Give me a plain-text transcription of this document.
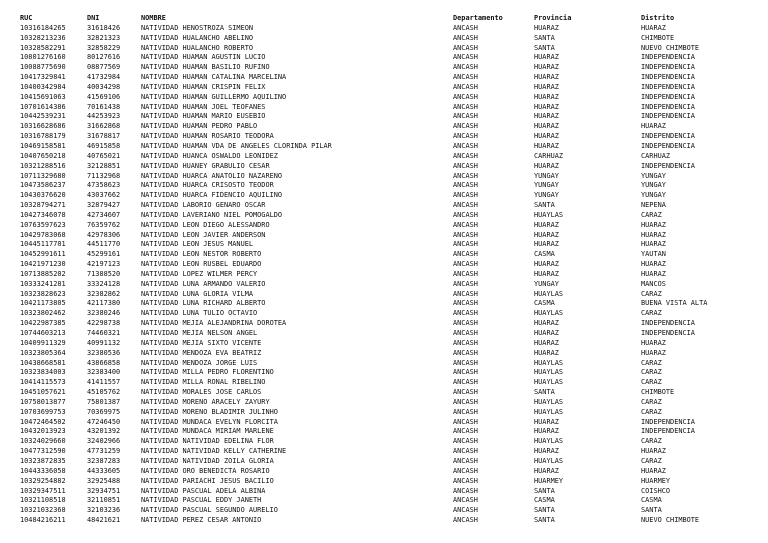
RUC	DNI	NOMBRE	Departamento	Provincia	Distrito
10316184265	31618426	NATIVIDAD HENOSTROZA SIMEON	ANCASH	HUARAZ	HUARAZ
10328213236	32821323	NATIVIDAD HUALANCHO ABELINO	ANCASH	SANTA	CHIMBOTE
10328582291	32858229	NATIVIDAD HUALANCHO ROBERTO	ANCASH	SANTA	NUEVO CHIMBOTE
10801276160	80127616	NATIVIDAD HUAMAN AGUSTIN LUCIO	ANCASH	HUARAZ	INDEPENDENCIA
10088775690	08877569	NATIVIDAD HUAMAN BASILIO RUFINO	ANCASH	HUARAZ	INDEPENDENCIA
10417329841	41732984	NATIVIDAD HUAMAN CATALINA MARCELINA	ANCASH	HUARAZ	INDEPENDENCIA
10400342984	40034298	NATIVIDAD HUAMAN CRISPIN FELIX	ANCASH	HUARAZ	INDEPENDENCIA
10415691063	41569106	NATIVIDAD HUAMAN GUILLERMO AQUILINO	ANCASH	HUARAZ	INDEPENDENCIA
10701614386	70161438	NATIVIDAD HUAMAN JOEL TEOFANES	ANCASH	HUARAZ	INDEPENDENCIA
10442539231	44253923	NATIVIDAD HUAMAN MARIO EUSEBIO	ANCASH	HUARAZ	INDEPENDENCIA
10316628686	31662868	NATIVIDAD HUAMAN PEDRO PABLO	ANCASH	HUARAZ	HUARAZ
10316788179	31678817	NATIVIDAD HUAMAN ROSARIO TEODORA	ANCASH	HUARAZ	INDEPENDENCIA
10469158581	46915858	NATIVIDAD HUAMAN VDA DE ANGELES CLORINDA PILAR	ANCASH	HUARAZ	INDEPENDENCIA
10407650218	40765021	NATIVIDAD HUANCA OSWALDO LEONIDEZ	ANCASH	CARHUAZ	CARHUAZ
10321288516	32128851	NATIVIDAD HUANEY GRABULIO CESAR	ANCASH	HUARAZ	INDEPENDENCIA
10711329680	71132968	NATIVIDAD HUARCA ANATOLIO NAZARENO	ANCASH	YUNGAY	YUNGAY
10473586237	47358623	NATIVIDAD HUARCA CRISOSTO TEODOR	ANCASH	YUNGAY	YUNGAY
10430376620	43037662	NATIVIDAD HUARCA FIDENCIO AQUILINO	ANCASH	YUNGAY	YUNGAY
10328794271	32879427	NATIVIDAD LABORIO GENARO OSCAR	ANCASH	SANTA	NEPEÑA
10427346078	42734607	NATIVIDAD LAVERIANO NIEL POMOGALDO	ANCASH	HUAYLAS	CARAZ
10763597623	76359762	NATIVIDAD LEON DIEGO ALESSANDRO	ANCASH	HUARAZ	HUARAZ
10429783068	42978306	NATIVIDAD LEON JAVIER ANDERSON	ANCASH	HUARAZ	HUARAZ
10445117701	44511770	NATIVIDAD LEON JESUS MANUEL	ANCASH	HUARAZ	HUARAZ
10452991611	45299161	NATIVIDAD LEON NESTOR ROBERTO	ANCASH	CASMA	YAUTAN
10421971230	42197123	NATIVIDAD LEON RUSBEL EDUARDO	ANCASH	HUARAZ	HUARAZ
10713885202	71388520	NATIVIDAD LOPEZ WILMER PERCY	ANCASH	HUARAZ	HUARAZ
10333241281	33324128	NATIVIDAD LUNA ARMANDO VALERIO	ANCASH	YUNGAY	MANCOS
10323828623	32382862	NATIVIDAD LUNA GLORIA VILMA	ANCASH	HUAYLAS	CARAZ
10421173805	42117380	NATIVIDAD LUNA RICHARD ALBERTO	ANCASH	CASMA	BUENA VISTA ALTA
10323802462	32380246	NATIVIDAD LUNA TULIO OCTAVIO	ANCASH	HUAYLAS	CARAZ
10422987385	42298738	NATIVIDAD MEJIA ALEJANDRINA DOROTEA	ANCASH	HUARAZ	INDEPENDENCIA
10744603213	74460321	NATIVIDAD MEJIA NELSON ANGEL	ANCASH	HUARAZ	INDEPENDENCIA
10409911329	40991132	NATIVIDAD MEJIA SIXTO VICENTE	ANCASH	HUARAZ	HUARAZ
10323805364	32380536	NATIVIDAD MENDOZA EVA BEATRIZ	ANCASH	HUARAZ	HUARAZ
10438668581	43866858	NATIVIDAD MENDOZA JORGE LUIS	ANCASH	HUAYLAS	CARAZ
10323834003	32383400	NATIVIDAD MILLA PEDRO FLORENTINO	ANCASH	HUAYLAS	CARAZ
10414115573	41411557	NATIVIDAD MILLA RONAL RIBELINO	ANCASH	HUAYLAS	CARAZ
10451057621	45105762	NATIVIDAD MORALES JOSE CARLOS	ANCASH	SANTA	CHIMBOTE
10758013877	75801387	NATIVIDAD MORENO ARACELY ZAYURY	ANCASH	HUAYLAS	CARAZ
10703699753	70369975	NATIVIDAD MORENO BLADIMIR JULINHO	ANCASH	HUAYLAS	CARAZ
10472464502	47246450	NATIVIDAD MUNDACA EVELYN FLORCITA	ANCASH	HUARAZ	INDEPENDENCIA
10432013923	43201392	NATIVIDAD MUNDACA MIRIAM MARLENE	ANCASH	HUARAZ	INDEPENDENCIA
10324029660	32402966	NATIVIDAD NATIVIDAD EDELINA FLOR	ANCASH	HUAYLAS	CARAZ
10477312590	47731259	NATIVIDAD NATIVIDAD KELLY CATHERINE	ANCASH	HUARAZ	HUARAZ
10323872835	32387283	NATIVIDAD NATIVIDAD ZOILA GLORIA	ANCASH	HUAYLAS	CARAZ
10443336058	44333605	NATIVIDAD ORO BENEDICTA ROSARIO	ANCASH	HUARAZ	HUARAZ
10329254882	32925488	NATIVIDAD PARIACHI JESUS BACILIO	ANCASH	HUARMEY	HUARMEY
10329347511	32934751	NATIVIDAD PASCUAL ADELA ALBINA	ANCASH	SANTA	COISHCO
10321108518	32110851	NATIVIDAD PASCUAL EDDY JANETH	ANCASH	CASMA	CASMA
10321032368	32103236	NATIVIDAD PASCUAL SEGUNDO AURELIO	ANCASH	SANTA	SANTA
10484216211	48421621	NATIVIDAD PEREZ CESAR ANTONIO	ANCASH	SANTA	NUEVO CHIMBOTE
